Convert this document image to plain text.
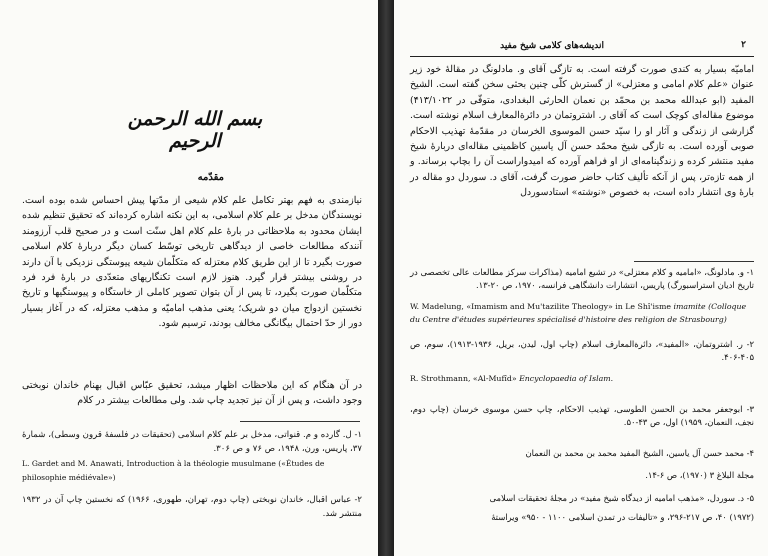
بسم الله الرحمن الرحيم
مقدّمه

نیازمندی به فهم بهتر تکامل علم کلام شیعی از مدّتها پیش احساس شده بوده است. نویسندگان مدخل بر علم کلام اسلامی، به این نکته اشاره کرده‌اند که تحقیق تنظیم شده ایشان محدود به ملاحظاتی در بارهٔ علم کلام اهل سنّت است و در صحیح قلب آرزومند آنندکه مطالعات خاصی از دیدگاهی تاریخی توسّط کسان دیگر دربارهٔ کلام اسلامی صورت بگیرد تا از این طریق کلام معتزله که متکلّمان شیعه پیوستگی نزدیکی با آن دارند در روشنی بیشتر قرار گیرد. هنوز لازم است تکنگاریهای متعدّدی در بارهٔ فرد فرد متکلّمان صورت بگیرد، تا پس از آن بتوان تصویر کاملی از خاستگاه و پیوستگیها و تاریخ نخستین ازدواج میان دو شریک؛ یعنی مذهب امامیّه و مذهب معتزله، که در آغاز بسیار دور از حدّ احتمال بیگانگی مخالف بودند، ترسیم شود.

در آن هنگام که این ملاحظات اظهار میشد، تحقیق عبّاس اقبال بهنام خاندان نوبختی وجود داشت، و پس از آن نیز تجدید چاپ شد. ولی مطالعات بیشتر در کلام

۱- ل. گارده و م. قنواتی، مدخل بر علم کلام اسلامی (تحقیقات در فلسفهٔ قرون وسطی)، شمارهٔ ۳۷، پاریس، ورن، ۱۹۴۸، ص ۷۶ و ص ۳۰۶.

L. Gardet and M. Anawati, Introduction à la théologie musulmane («Études de philosophie médiévale»)

۲- عباس اقبال، خاندان نوبختی (چاپ دوم، تهران، طهوری، ۱۹۶۶) که نخستین چاپ آن در ۱۹۳۲ منتشر شد.

اندیشه‌های کلامی شیخ مفید	۲

امامیّه بسیار به کندی صورت گرفته است. به تازگی آقای و. مادلونگ در مقالهٔ خود زیر عنوان «علم کلام امامی و معتزلی» از گسترش کلّی چنین بحثی سخن گفته است. الشیخ المفید (ابو عبدالله محمد بن محمّد بن نعمان الحارثی البغدادی، متوفّی در ۴۱۳/۱۰۲۲) موضوع مقاله‌ای کوچک است که آقای ر. اشتروتمان در دائرةالمعارف اسلام نوشته است. گزارشی از زندگی و آثار او را سیّد حسن الموسوی الخرسان در مقدّمهٔ تهذیب الاحکام صوبی آورده است. به تازگی شیخ محمّد حسن آل یاسین کاظمینی مقاله‌ای دربارهٔ شیخ مفید منتشر کرده و زندگینامه‌ای از او فراهم آورده که امیدواراست آن را بچاپ برساند. و از همه تازه‌تر، پس از آنکه تألیف کتاب حاضر صورت گرفت، آقای د. سوردل دو مقاله در بارهٔ وی انتشار داده است، به خصوص «نوشته» استادسوردل

۱- و. مادلونگ، «امامیه و کلام معتزلی» در تشیع امامیه (مذاکرات سرکز مطالعات عالی تخصصی در تاریخ ادیان استراسبورگ) پاریس، انتشارات دانشگاهی فرانسه، ۱۹۷۰، ص ۲۰-۱۳.

W. Madelung, «Imamism and Mu'tazilite Theology» in Le Shî'isme imamite (Colloque du Centre d'études supérieures spécialisé d'histoire des religion de Strasbourg)

۲- ر. اشتروتمان، «المفید»، دائرةالمعارف اسلام (چاپ اول، لیدن، بریل، ۱۹۳۶-۱۹۱۳)، سوم، ص ۴۰۵-۴۰۶.

R. Strothmann, «Al-Mufîd» Encyclopaedia of Islam.

۳- ابوجعفر محمد بن الحسن الطوسی، تهذیب الاحکام، چاپ حسن موسوی خرسان (چاپ دوم، نجف، النعمان، ۱۹۵۹) اول، ص ۴۳-۵۰.

۴- محمد حسن آل یاسین، الشیخ المفید محمد بن محمد بن النعمان

مجلة البلاغ ۳ (۱۹۷۰)، ص ۶-۱۴.

۵- د. سوردل، «مذهب امامیه از دیدگاه شیخ مفید» در مجلهٔ تحقیقات اسلامی

(۱۹۷۲) ۴۰، ص ۲۱۷-۲۹۶، و «تالیفات در تمدن اسلامی ۱۱۰۰ - ۹۵۰» ویراستهٔ
